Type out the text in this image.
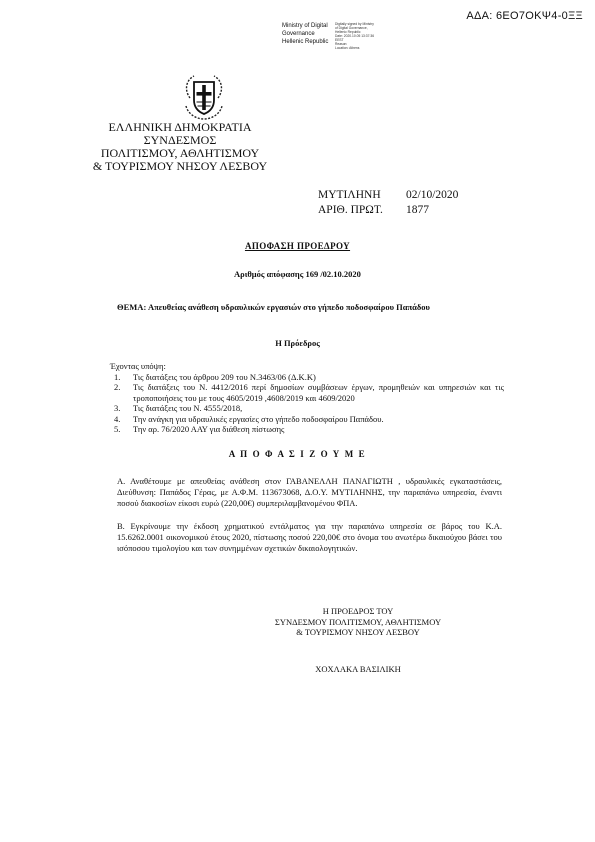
ΑΔΑ: 6ΕΟ7ΟΚΨ4-0ΞΞ
Ministry of Digital
Governance
Hellenic Republic
Digitally signed by Ministry
of Digital Governance,
Hellenic Republic
Date: 2020.10.05 13:37:36
EEST
Reason:
Location: Athens
ΕΛΛΗΝΙΚΗ ΔΗΜΟΚΡΑΤΙΑ
ΣΥΝΔΕΣΜΟΣ
ΠΟΛΙΤΙΣΜΟΥ, ΑΘΛΗΤΙΣΜΟΥ
& ΤΟΥΡΙΣΜΟΥ ΝΗΣΟΥ ΛΕΣΒΟΥ
ΜΥΤΙΛΗΝΗ 02/10/2020
ΑΡΙΘ. ΠΡΩΤ. 1877
ΑΠΟΦΑΣΗ ΠΡΟΕΔΡΟΥ
Αριθμός απόφασης 169 /02.10.2020
ΘΕΜΑ: Απευθείας ανάθεση υδραυλικών εργασιών στο γήπεδο ποδοσφαίρου Παπάδου
Η Πρόεδρος
Έχοντας υπόψη:
1.	Τις διατάξεις του άρθρου 209 του Ν.3463/06 (Δ.Κ.Κ)
2.	Τις διατάξεις του Ν. 4412/2016 περί δημοσίων συμβάσεων έργων, προμηθειών και υπηρεσιών και τις τροποποιήσεις του με τους 4605/2019 ,4608/2019 και 4609/2020
3.	Τις διατάξεις του Ν. 4555/2018,
4.	Την ανάγκη για υδραυλικές εργασίες στο γήπεδο ποδοσφαίρου Παπάδου.
5.	Την αρ. 76/2020 ΑΑΥ για διάθεση πίστωσης
Α Π Ο Φ Α Σ Ι Ζ Ο Υ Μ Ε
Α. Αναθέτουμε με απευθείας ανάθεση στον ΓΑΒΑΝΕΛΛΗ ΠΑΝΑΓΙΩΤΗ , υδραυλικές εγκαταστάσεις, Διεύθυνση: Παπάδος Γέρας, με Α.Φ.Μ. 113673068, Δ.Ο.Υ. ΜΥΤΙΛΗΝΗΣ, την παραπάνω υπηρεσία, έναντι ποσού διακοσίων είκοσι ευρώ (220,00€) συμπεριλαμβανομένου ΦΠΑ.
Β. Εγκρίνουμε την έκδοση χρηματικού εντάλματος για την παραπάνω υπηρεσία σε βάρος του Κ.Α. 15.6262.0001 οικονομικού έτους 2020, πίστωσης ποσού 220,00€ στο όνομα του ανωτέρω δικαιούχου βάσει του ισόποσου τιμολογίου και των συνημμένων σχετικών δικαιολογητικών.
Η ΠΡΟΕΔΡΟΣ ΤΟΥ
ΣΥΝΔΕΣΜΟΥ ΠΟΛΙΤΙΣΜΟΥ, ΑΘΛΗΤΙΣΜΟΥ
& ΤΟΥΡΙΣΜΟΥ ΝΗΣΟΥ ΛΕΣΒΟΥ
ΧΟΧΛΑΚΑ ΒΑΣΙΛΙΚΗ
